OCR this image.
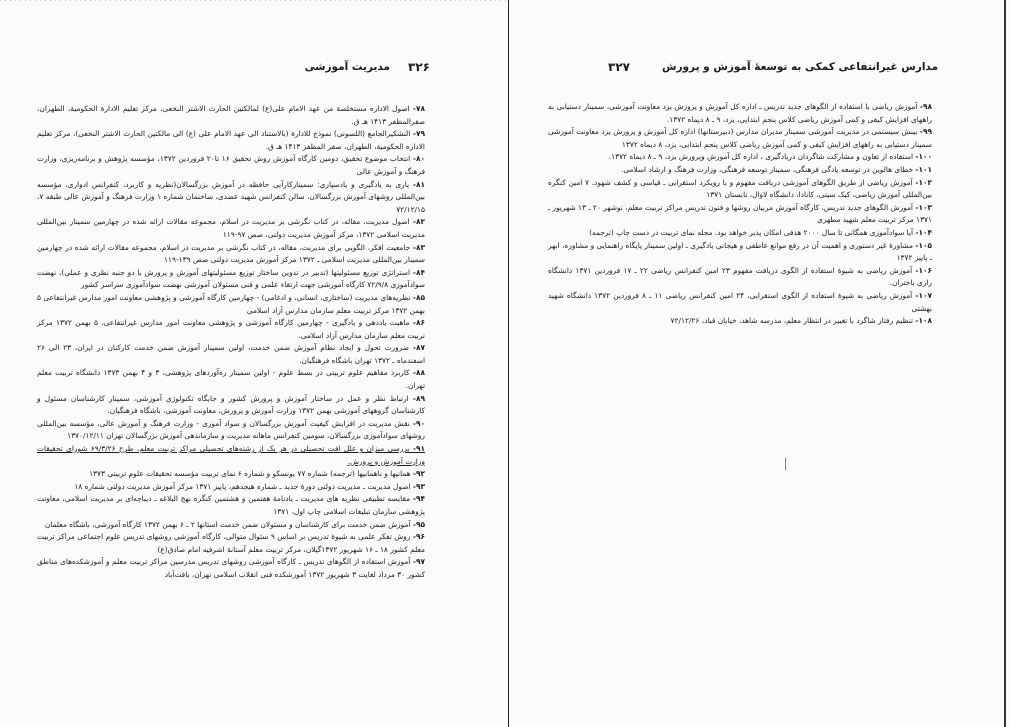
۳۲۶
مدیریت آموزشی

۷۸- اصول الاداره مستخلصة من عهد الامام علی(ع) لمالکتین الحارث الاشتر النخعی، مرکز تعلیم الادارة الحکومیة، الطهران، صفرالمظفر ۱۴۱۳ هـ ق.

۷۹- التشکیرالجامع (اللسونی) نموذج للادارة (بالاستناد الی عهد الامام علی (ع) الی مالکتین الحارث الاشتر النخعی)، مرکز تعلیم الاداره الحکومیة، الطهران، صفر المظفر ۱۴۱۳ هـ ق.

۸۰- انتخاب موضوع تحقیق، دومین کارگاه آموزش روش تحقیق ۱۶ تا۲۰ فروردین ۱۳۷۲، مؤسسه پژوهش و برنامه‌ریزی، وزارت فرهنگ و آموزش عالی

۸۱- یاری به یادگیری و یادسپاری: سمینارکارآیی حافظه در آموزش بزرگسالان(نظریه و کاربرد، کنفرانس ادواری، مؤسسه بین‌المللی روشهای آموزش بزرگسالان، سالن کنفرانس شهید عضدی، ساختمان شماره ۱ وزارت فرهنگ و آموزش عالی طبقه ۷، ۷۲/۱۲/۱۵

۸۲- اصول مدیریت، مقاله، در کتاب نگرشی بر مدیریت در اسلام، مجموعه مقالات ارائه شده در چهارمین سمینار بین‌المللی مدیریت اسلامی ۱۳۷۲، مرکز آموزش مدیریت دولتی، صص ۹۷-۱۱۹

۸۳- جامعیت افکر، الگویی برای مدیریت، مقاله، در کتاب نگرشی بر مدیریت در اسلام، مجموعه مقالات ارائه شده در چهارمین سمینار بین‌المللی مدیریت اسلامی ـ ۱۳۷۲ مرکز آموزش مدیریت دولتی صص ۱۳۹-۱۱۹

۸۴- استراتژی توزیع مسئولیتها (تدبیر در تدوین ساختار توزیع مسئولیتهای آموزش و پرورش با دو جنبه نظری و عملی)، نهضت سوادآموزی ۷۲/۹/۸ کارگاه آموزشی جهت ارتقاء علمی و فنی مسئولان آموزشی نهضت سوادآموزی سراسر کشور

۸۵- نظریه‌های مدیریت (ساختاری، انسانی، و ادغامی) - چهارمین کارگاه آموزشی و پژوهشی معاونت امور مدارس غیرانتفاعی ۵ بهمن ۱۳۷۲ مرکز تربیت معلم سازمان مدارس آزاد اسلامی

۸۶- ماهیت یاددهی و یادگیری - چهارمین کارگاه آموزشی و پژوهشی معاونت امور مدارس غیرانتفاعی، ۵ بهمن ۱۳۷۲ مرکز تربیت معلم سازمان مدارس آزاد اسلامی.

۸۷- ضرورت تحول و ایجاد نظام آموزش ضمن خدمت، اولین سمینار آموزش ضمن خدمت کارکنان در ایران، ۲۳ الی ۲۶ اسفندماه ـ ۱۳۷۲ تهران باشگاه فرهنگیان.

۸۸- کاربرد مفاهیم علوم تربیتی در بسط علوم - اولین سمینار ره‌آوردهای پژوهشی، ۳ و ۴ بهمن ۱۳۷۳ دانشگاه تربیت معلم تهران.

۸۹- ارتباط نظر و عمل در ساختار آموزش و پرورش کشور و جایگاه تکنولوژی آموزشی، سمینار کارشناسان مسئول و کارشناسان گروههای آموزشی بهمن ۱۳۷۲ وزارت آموزش و پرورش، معاونت آموزشی، باشگاه فرهنگیان.

۹۰- نقش مدیریت در افزایش کیفیت آموزش بزرگسالان و سواد آموزی - وزارت فرهنگ و آموزش عالی، مؤسسه بین‌المللی روشهای سوادآموزی بزرگسالان، سومین کنفرانس ماهانه مدیریت و سازماندهی آموزش بزرگسالان تهران ۱۳۷۰/۱۲/۱۱

۹۱- بررسی میزان و علل افت تحصیلی در هر یک از رشته‌های تحصیلی مراکز تربیت معلم، طرح ۶۹/۳/۲۶ شورای تحقیقات وزارت آموزش و پرورش.

۹۲- همانیها و ناهمانیها (ترجمه) شماره ۷۷ یونسکو و شماره ۶ نمای تربیت مؤسسه تحقیقات علوم تربیتی ۱۳۷۳

۹۳- اصول مدیریت ـ مدیریت دولتی دورهٔ جدید ـ شماره هیجدهم، پاییز ۱۳۷۱ مرکز آموزش مدیریت دولتی شماره ۱۸

۹۴- مقایسه تطبیقی نظریه های مدیریت ـ یادنامهٔ هفتمین و هشتمین کنگره نهج البلاغه ـ دیباچه‌ای بر مدیریت اسلامی، معاونت پژوهشی سازمان تبلیغات اسلامی چاپ اول، ۱۳۷۱

۹۵- آموزش ضمن خدمت برای کارشناسان و مسئولان ضمن خدمت استانها ۲ ـ ۶ بهمن ۱۳۷۲ کارگاه آموزشی، باشگاه معلمان

۹۶- روش تفکر علمی به شیوهٔ تدریس بر اساس ۹ سئوال متوالی، کارگاه آموزشی روشهای تدریس علوم اجتماعی مراکز تربیت معلم کشور ۱۸ ـ ۱۶ شهریور ۱۳۷۲گیلان، مرکز تربیت معلم آستانهٔ اشرفیه امام صادق(ع)

۹۷- آموزش استفاده از الگوهای تدریس ـ کارگاه آموزشی روشهای تدریس مدرسین مراکز تربیت معلم و آموزشکده‌های مناطق کشور ۳۰ مرداد لغایت ۳ شهریور ۱۳۷۲ آموزشکده فنی انقلاب اسلامی تهران، بافت‌آباد

۳۲۷	مدارس غیرانتفاعی کمکی به توسعهٔ آموزش و پرورش

۹۸- آموزش ریاضی با استفاده از الگوهای جدید تدریس ـ اداره کل آموزش و پرورش یزد معاونت آموزشی، سمینار دستیابی به راههای افزایش کیفی و کمی آموزش ریاضی کلاس پنجم ابتدایی، یزد، ۹ ـ ۸ دیماه ۱۳۷۲.

۹۹- بینش سیستمی در مدیریت آموزشی سمینار مدیران مدارس (دبیرستانها) اداره کل آموزش و پرورش یزد معاونت آموزشی سمینار دستیابی به راههای افزایش کیفی و کمی آموزش ریاضی کلاس پنجم ابتدایی، یزد، ۸ دیماه ۱۳۷۲

۱۰۰- استفاده از تعاون و مشارکت شاگردان دریادگیری ، اداره کل آموزش وپرورش یزد، ۹ ـ ۸ دیماه ۱۳۷۲.

۱۰۱- خطای هالوین در توسعه یادگی فرهنگی، سمینار توسعه فرهنگی، وزارت فرهنگ و ارشاد اسلامی.

۱۰۲- آموزش ریاضی از طریق الگوهای آموزشی دریافت مفهوم و با رویکرد استقرایی ـ قیاسی و کشف شهود. ۷ امین کنگره بین‌المللی آموزش ریاضی، کبک سیتی، کانادا، دانشگاه لاوال، تابستان ۱۳۷۱

۱۰۳- آموزش الگوهای جدید تدریس، کارگاه آموزش مربیان روشها و فنون تدریس مراکز تربیت معلم، نوشهر ۲۰ ـ ۱۳ شهریور ـ ۱۳۷۱ مرکز تربیت معلم شهید مطهری

۱۰۴- آیا سوادآموزی همگانی تا سال ۲۰۰۰ هدفی امکان پذیر خواهد بود. مجله نمای تربیت در دست چاپ (ترجمه)

۱۰۵- مشاورهٔ غیر دستوری و اهمیت آن در رفع موانع عاطفی و هیجانی یادگیری ـ اولین سمینار پایگاه راهنمایی و مشاوره، ابهر ـ پاییز ۱۳۷۲

۱۰۶- آموزش ریاضی به شیوهٔ استفاده از الگوی دریافت مفهوم ۲۳ امین کنفرانس ریاضی ۲۲ ـ ۱۷ فروردین ۱۳۷۱ دانشگاه رازی باختران.

۱۰۷- آموزش ریاضی به شیوهٔ استفاده از الگوی استقرایی، ۲۴ امین کنفرانس ریاضی ۱۱ ـ ۸ فروردین ۱۳۷۲ دانشگاه شهید بهشتی

۱۰۸- تنظیم رفتار شاگرد با تغییر در انتظار معلم، مدرسه شاهد، خیابان قباد، ۷۲/۱۲/۲۶
